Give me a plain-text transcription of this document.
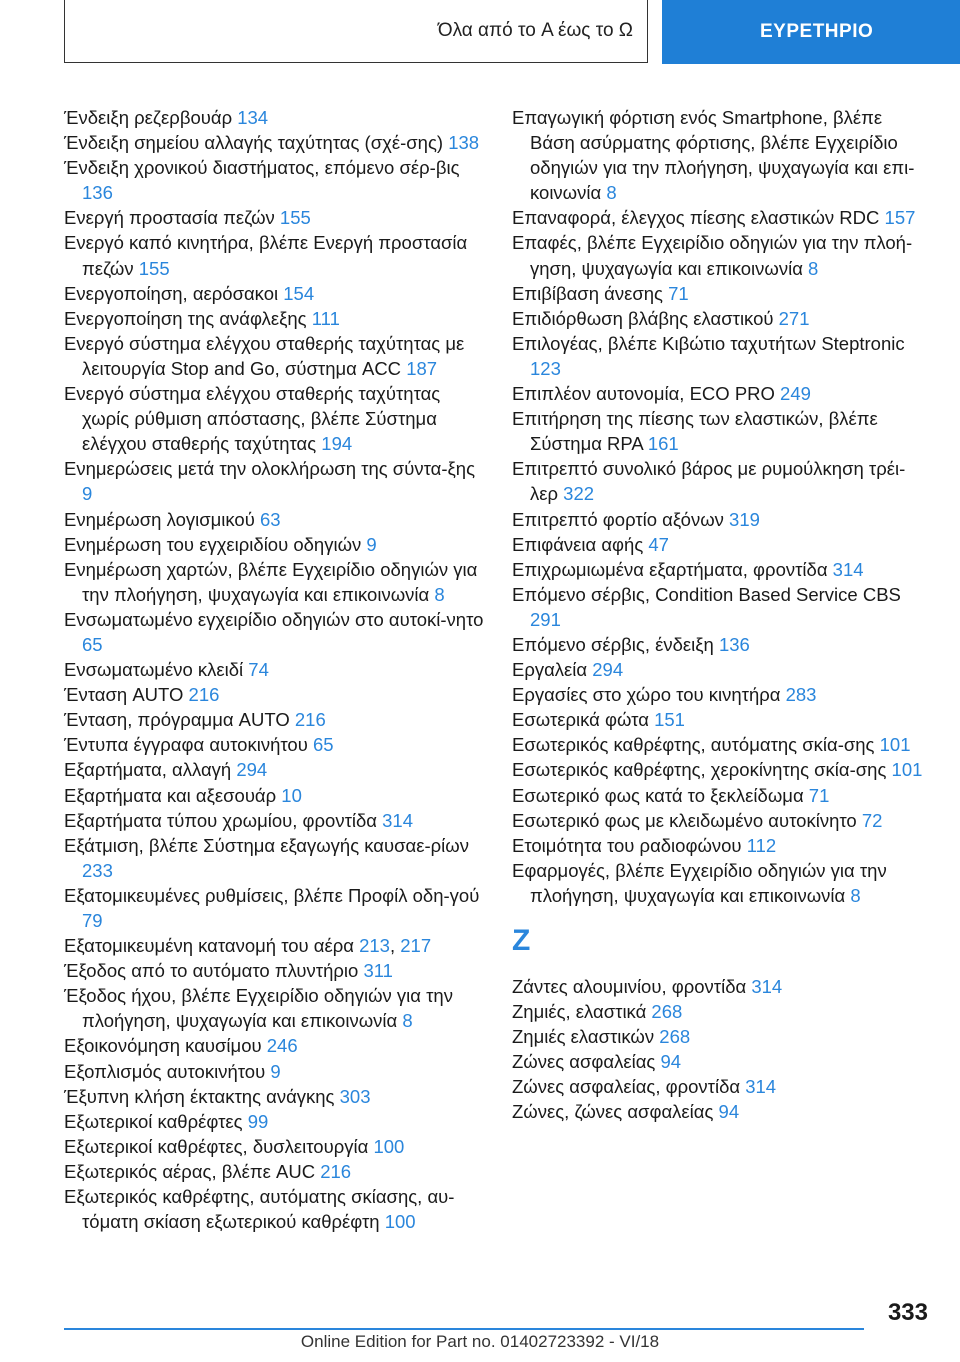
Όλα από το A έως το Ω	ΕΥΡΕΤΗΡΙΟ
Ένδειξη ρεζερβουάρ 134
Ένδειξη σημείου αλλαγής ταχύτητας (σχέ-σης) 138
Ένδειξη χρονικού διαστήματος, επόμενο σέρ-βις 136
Ενεργή προστασία πεζών 155
Ενεργό καπό κινητήρα, βλέπε Ενεργή προστασία πεζών 155
Ενεργοποίηση, αερόσακοι 154
Ενεργοποίηση της ανάφλεξης 111
Ενεργό σύστημα ελέγχου σταθερής ταχύτητας με λειτουργία Stop and Go, σύστημα ACC 187
Ενεργό σύστημα ελέγχου σταθερής ταχύτητας χωρίς ρύθμιση απόστασης, βλέπε Σύστημα ελέγχου σταθερής ταχύτητας 194
Ενημερώσεις μετά την ολοκλήρωση της σύντα-ξης 9
Ενημέρωση λογισμικού 63
Ενημέρωση του εγχειριδίου οδηγιών 9
Ενημέρωση χαρτών, βλέπε Εγχειρίδιο οδηγιών για την πλοήγηση, ψυχαγωγία και επικοινωνία 8
Ενσωματωμένο εγχειρίδιο οδηγιών στο αυτοκί-νητο 65
Ενσωματωμένο κλειδί 74
Ένταση AUTO 216
Ένταση, πρόγραμμα AUTO 216
Έντυπα έγγραφα αυτοκινήτου 65
Εξαρτήματα, αλλαγή 294
Εξαρτήματα και αξεσουάρ 10
Εξαρτήματα τύπου χρωμίου, φροντίδα 314
Εξάτμιση, βλέπε Σύστημα εξαγωγής καυσαε-ρίων 233
Εξατομικευμένες ρυθμίσεις, βλέπε Προφίλ οδη-γού 79
Εξατομικευμένη κατανομή του αέρα 213, 217
Έξοδος από το αυτόματο πλυντήριο 311
Έξοδος ήχου, βλέπε Εγχειρίδιο οδηγιών για την πλοήγηση, ψυχαγωγία και επικοινωνία 8
Εξοικονόμηση καυσίμου 246
Εξοπλισμός αυτοκινήτου 9
Έξυπνη κλήση έκτακτης ανάγκης 303
Εξωτερικοί καθρέφτες 99
Εξωτερικοί καθρέφτες, δυσλειτουργία 100
Εξωτερικός αέρας, βλέπε AUC 216
Εξωτερικός καθρέφτης, αυτόματης σκίασης, αυ-τόματη σκίαση εξωτερικού καθρέφτη 100
Επαγωγική φόρτιση ενός Smartphone, βλέπε Βάση ασύρματης φόρτισης, βλέπε Εγχειρίδιο οδηγιών για την πλοήγηση, ψυχαγωγία και επι-κοινωνία 8
Επαναφορά, έλεγχος πίεσης ελαστικών RDC 157
Επαφές, βλέπε Εγχειρίδιο οδηγιών για την πλοή-γηση, ψυχαγωγία και επικοινωνία 8
Επιβίβαση άνεσης 71
Επιδιόρθωση βλάβης ελαστικού 271
Επιλογέας, βλέπε Κιβώτιο ταχυτήτων Steptronic 123
Επιπλέον αυτονομία, ECO PRO 249
Επιτήρηση της πίεσης των ελαστικών, βλέπε Σύστημα RPA 161
Επιτρεπτό συνολικό βάρος με ρυμούλκηση τρέι-λερ 322
Επιτρεπτό φορτίο αξόνων 319
Επιφάνεια αφής 47
Επιχρωμιωμένα εξαρτήματα, φροντίδα 314
Επόμενο σέρβις, Condition Based Service CBS 291
Επόμενο σέρβις, ένδειξη 136
Εργαλεία 294
Εργασίες στο χώρο του κινητήρα 283
Εσωτερικά φώτα 151
Εσωτερικός καθρέφτης, αυτόματης σκία-σης 101
Εσωτερικός καθρέφτης, χερoκίνητης σκία-σης 101
Εσωτερικό φως κατά το ξεκλείδωμα 71
Εσωτερικό φως με κλειδωμένο αυτοκίνητο 72
Ετοιμότητα του ραδιοφώνου 112
Εφαρμογές, βλέπε Εγχειρίδιο οδηγιών για την πλοήγηση, ψυχαγωγία και επικοινωνία 8
Z
Ζάντες αλουμινίου, φροντίδα 314
Ζημιές, ελαστικά 268
Ζημιές ελαστικών 268
Ζώνες ασφαλείας 94
Ζώνες ασφαλείας, φροντίδα 314
Ζώνες, ζώνες ασφαλείας 94
333
Online Edition for Part no. 01402723392 - VI/18
